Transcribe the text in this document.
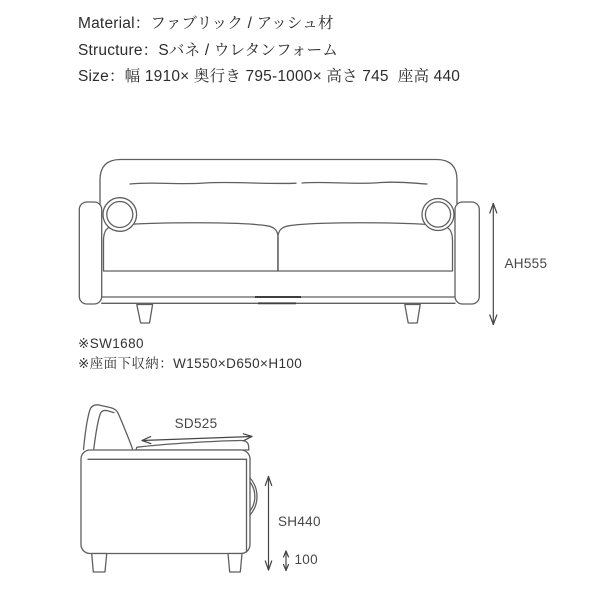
Material：ファブリック / アッシュ材
Structure：Sバネ / ウレタンフォーム
Size：幅 1910× 奥行き 795-1000× 高さ 745  座高 440
※SW1680
※座面下収納：W1550×D650×H100
AH555
SD525
SH440
100
